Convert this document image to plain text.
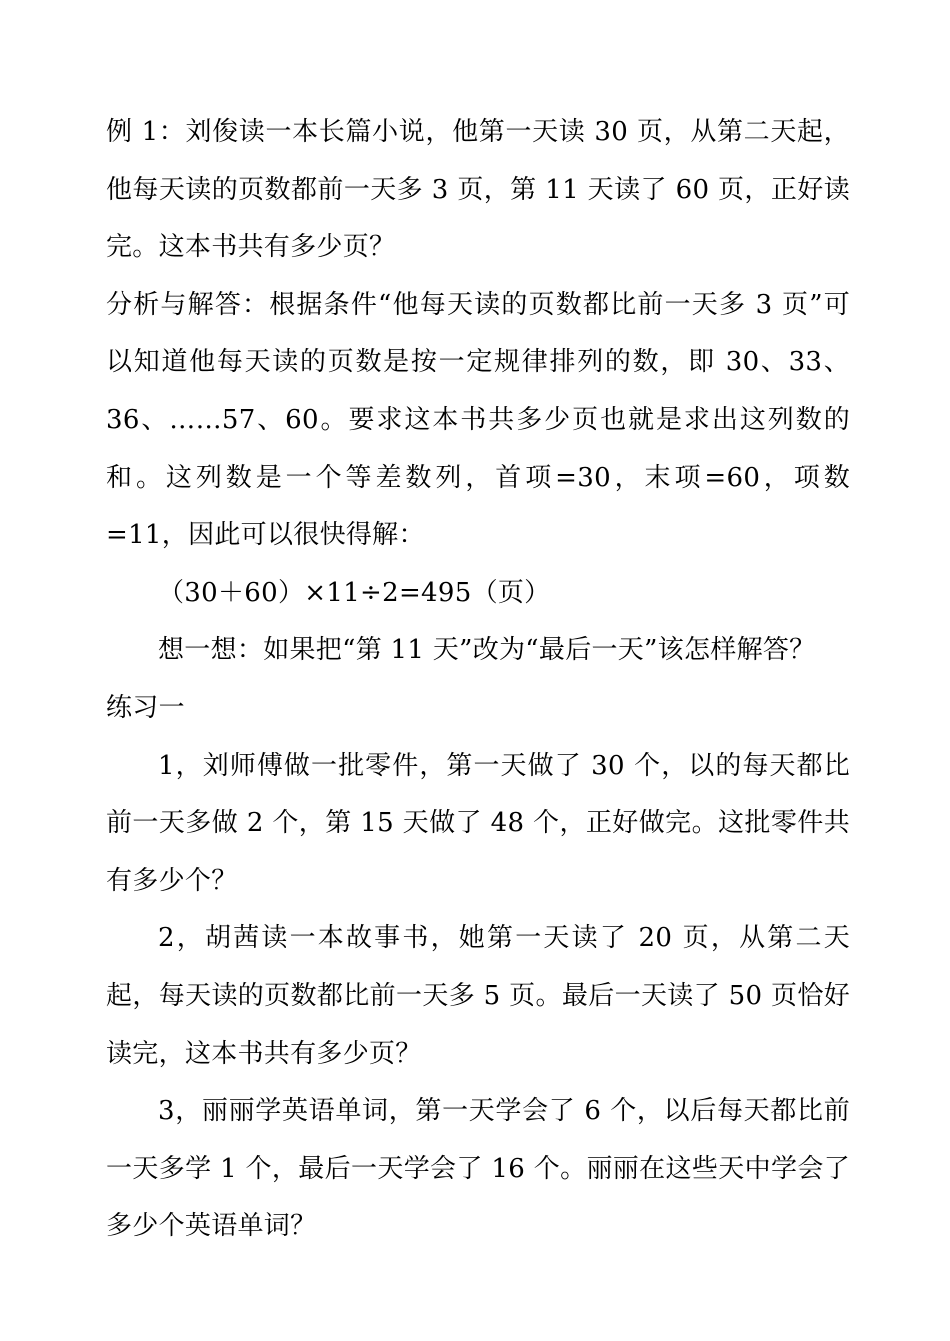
例 1：刘俊读一本长篇小说，他第一天读 30 页，从第二天起，他每天读的页数都前一天多 3 页，第 11 天读了 60 页，正好读完。这本书共有多少页？

分析与解答：根据条件“他每天读的页数都比前一天多 3 页”可以知道他每天读的页数是按一定规律排列的数，即 30、33、36、……57、60。要求这本书共多少页也就是求出这列数的和。这列数是一个等差数列，首项=30，末项=60，项数=11，因此可以很快得解：

（30＋60）×11÷2=495（页）

想一想：如果把“第 11 天”改为“最后一天”该怎样解答？

练习一

1，刘师傅做一批零件，第一天做了 30 个，以的每天都比前一天多做 2 个，第 15 天做了 48 个，正好做完。这批零件共有多少个？

2，胡茜读一本故事书，她第一天读了 20 页，从第二天起，每天读的页数都比前一天多 5 页。最后一天读了 50 页恰好读完，这本书共有多少页？

3，丽丽学英语单词，第一天学会了 6 个，以后每天都比前一天多学 1 个，最后一天学会了 16 个。丽丽在这些天中学会了多少个英语单词？
